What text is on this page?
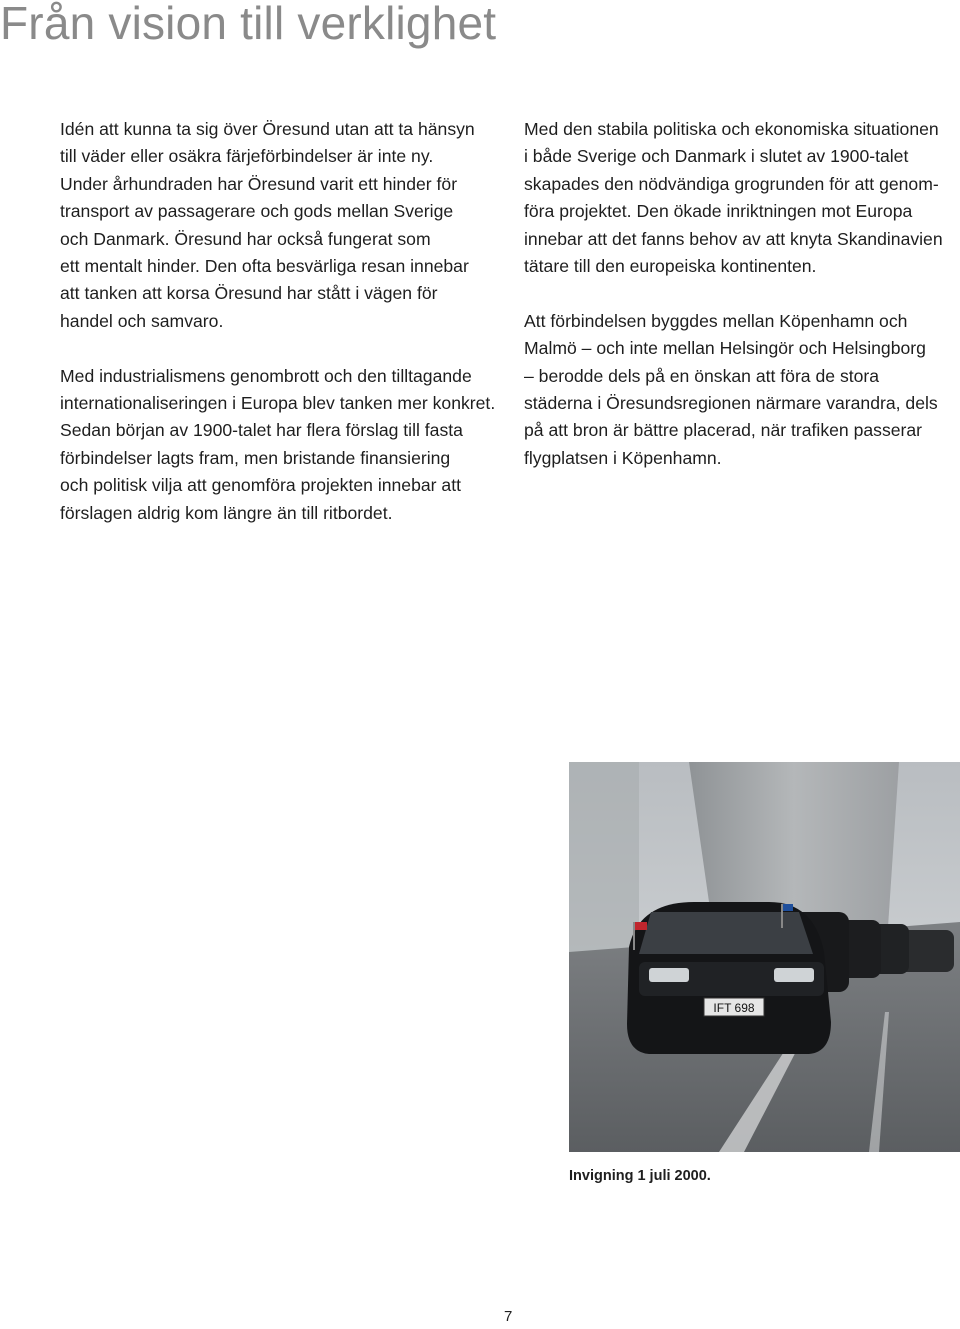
Från vision till verklighet

Idén att kunna ta sig över Öresund utan att ta hänsyn
till väder eller osäkra färjeförbindelser är inte ny.
Under århundraden har Öresund varit ett hinder för
transport av passagerare och gods mellan Sverige
och Danmark. Öresund har också fungerat som
ett mentalt hinder. Den ofta besvärliga resan innebar
att tanken att korsa Öresund har stått i vägen för
handel och samvaro.

Med industrialismens genombrott och den tilltagande
internationaliseringen i Europa blev tanken mer konkret.
Sedan början av 1900-talet har flera förslag till fasta
förbindelser lagts fram, men bristande finansiering
och politisk vilja att genomföra projekten innebar att
förslagen aldrig kom längre än till ritbordet.

Med den stabila politiska och ekonomiska situationen
i både Sverige och Danmark i slutet av 1900-talet
skapades den nödvändiga grogrunden för att genom-
föra projektet. Den ökade inriktningen mot Europa
innebar att det fanns behov av att knyta Skandinavien
tätare till den europeiska kontinenten.

Att förbindelsen byggdes mellan Köpenhamn och
Malmö – och inte mellan Helsingör och Helsingborg
– berodde dels på en önskan att föra de stora
städerna i Öresundsregionen närmare varandra, dels
på att bron är bättre placerad, när trafiken passerar
flygplatsen i Köpenhamn.

IFT 698
Invigning 1 juli 2000.
7
